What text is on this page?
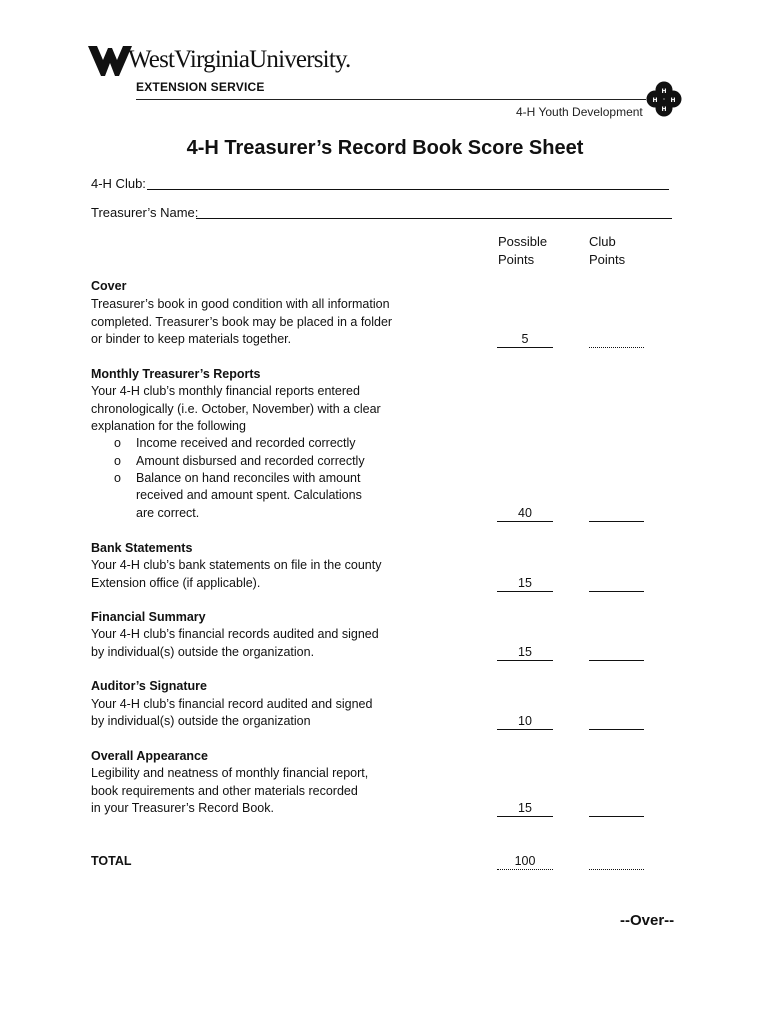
WestVirginiaUniversity.
EXTENSION SERVICE
4-H Youth Development
H
H
H H
4-H Treasurer’s Record Book Score Sheet
4-H Club:
Treasurer’s Name:
Possible
Points
Club
Points
Cover
Treasurer’s book in good condition with all information
completed. Treasurer’s book may be placed in a folder
or binder to keep materials together.	5
Monthly Treasurer’s Reports
Your 4-H club’s monthly financial reports entered
chronologically (i.e. October, November) with a clear
explanation for the following
o Income received and recorded correctly
o Amount disbursed and recorded correctly
o Balance on hand reconciles with amount
received and amount spent. Calculations
are correct.	40
Bank Statements
Your 4-H club’s bank statements on file in the county
Extension office (if applicable).	15
Financial Summary
Your 4-H club’s financial records audited and signed
by individual(s) outside the organization.	15
Auditor’s Signature
Your 4-H club’s financial record audited and signed
by individual(s) outside the organization	10
Overall Appearance
Legibility and neatness of monthly financial report,
book requirements and other materials recorded
in your Treasurer’s Record Book.	15
TOTAL	100
--Over--
